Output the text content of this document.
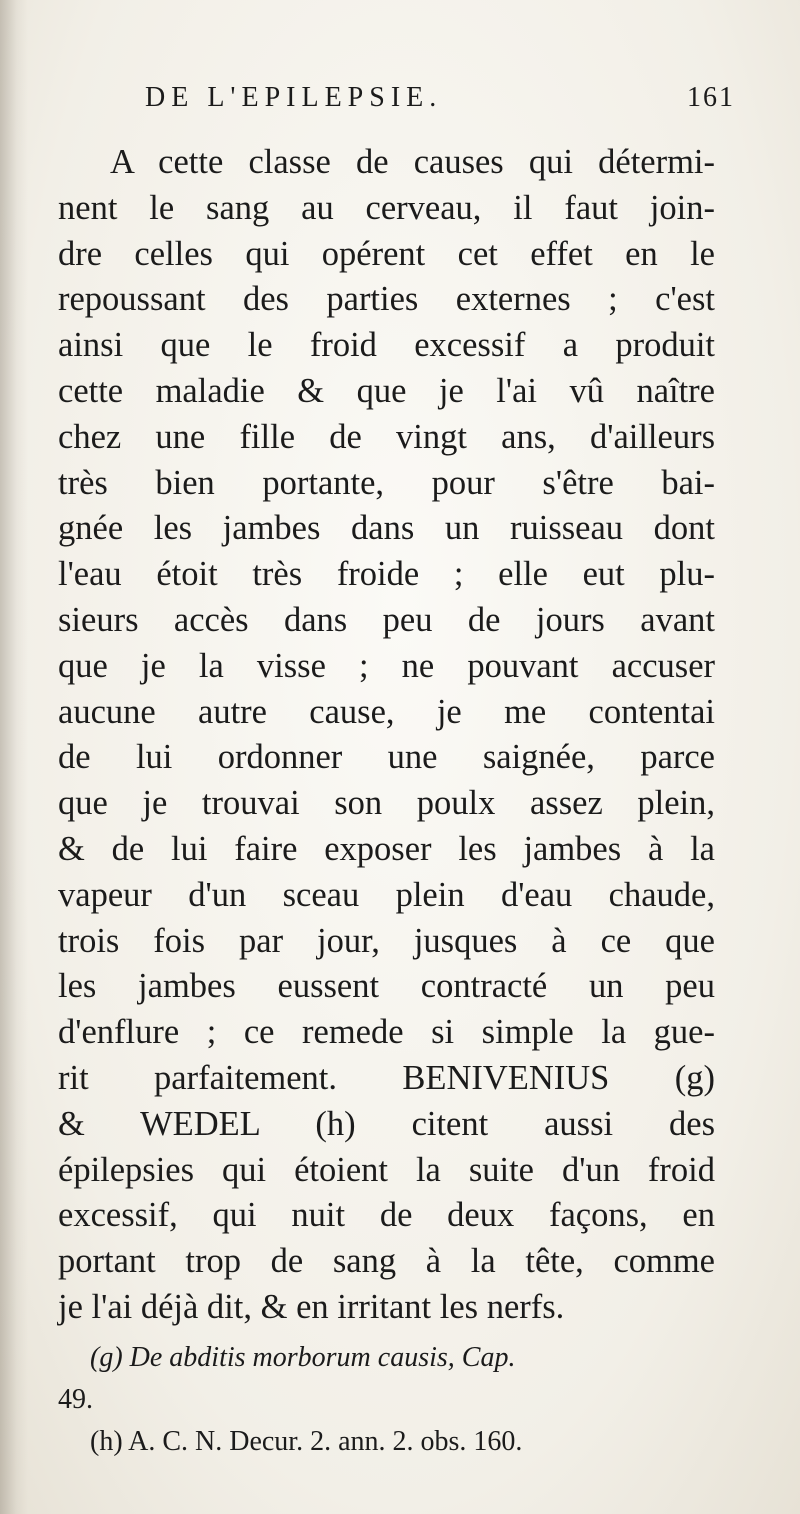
DE L'EPILEPSIE.	161
A cette classe de causes qui détermi-
nent le sang au cerveau, il faut join-
dre celles qui opérent cet effet en le
repoussant des parties externes ; c'est
ainsi que le froid excessif a produit
cette maladie & que je l'ai vû naître
chez une fille de vingt ans, d'ailleurs
très bien portante, pour s'être bai-
gnée les jambes dans un ruisseau dont
l'eau étoit très froide ; elle eut plu-
sieurs accès dans peu de jours avant
que je la visse ; ne pouvant accuser
aucune autre cause, je me contentai
de lui ordonner une saignée, parce
que je trouvai son poulx assez plein,
& de lui faire exposer les jambes à la
vapeur d'un sceau plein d'eau chaude,
trois fois par jour, jusques à ce que
les jambes eussent contracté un peu
d'enflure ; ce remede si simple la gue-
rit parfaitement. BENIVENIUS (g)
& WEDEL (h) citent aussi des
épilepsies qui étoient la suite d'un froid
excessif, qui nuit de deux façons, en
portant trop de sang à la tête, comme
je l'ai déjà dit, & en irritant les nerfs.
(g) De abditis morborum causis, Cap.
49.
(h) A. C. N. Decur. 2. ann. 2. obs. 160.
